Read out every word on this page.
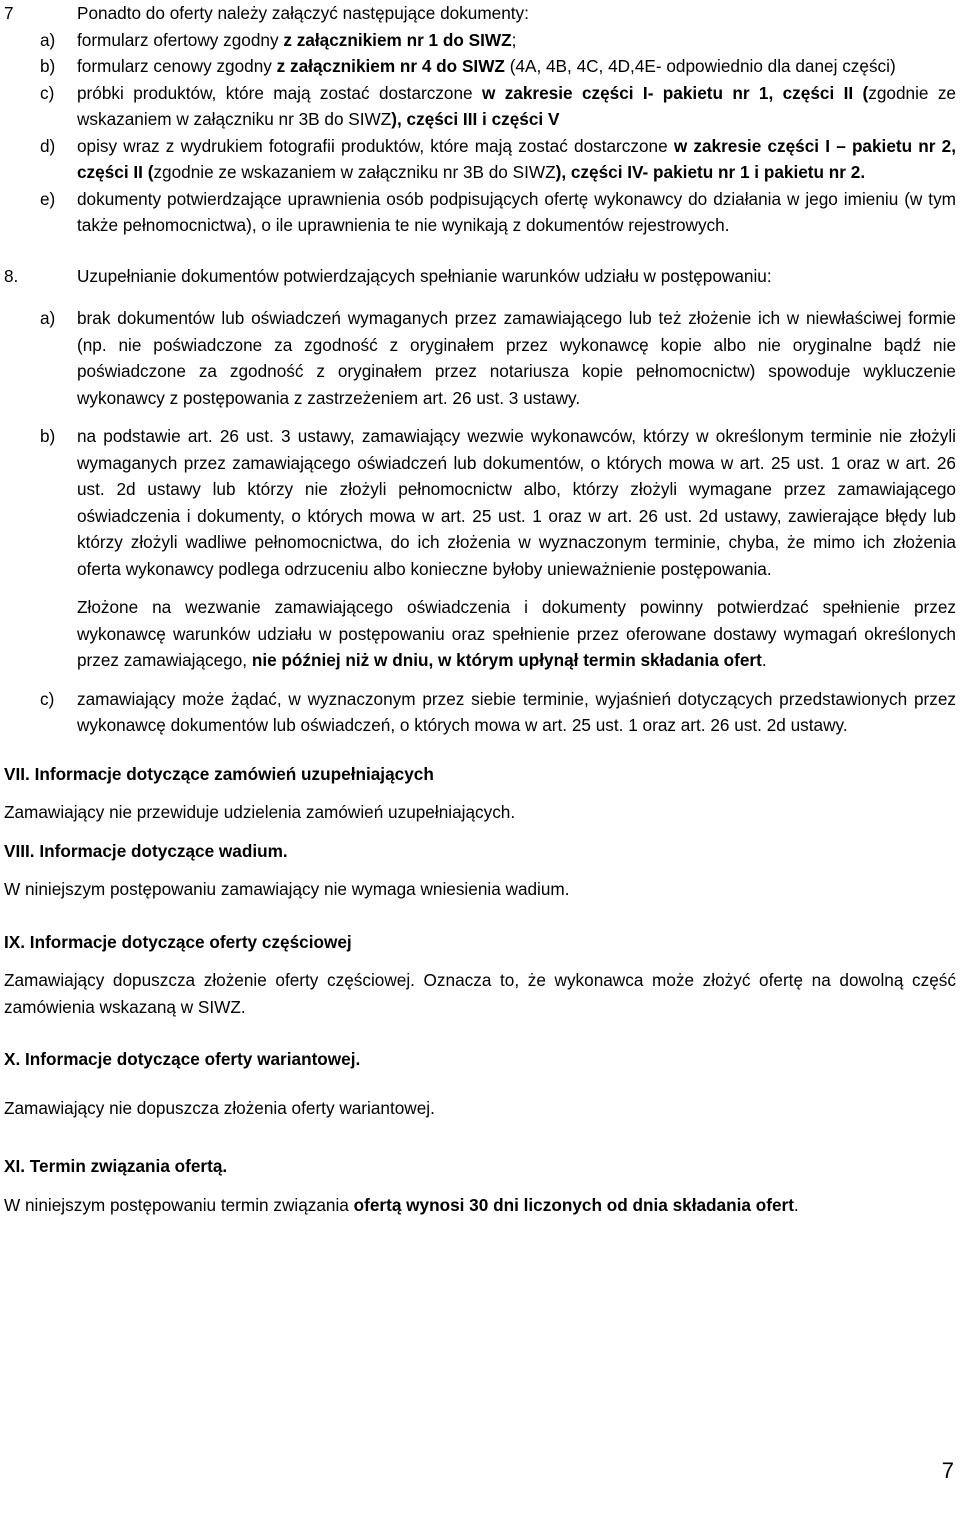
7	Ponadto do oferty należy załączyć następujące dokumenty:
a)	formularz ofertowy zgodny z załącznikiem nr 1 do SIWZ;
b)	formularz cenowy zgodny z załącznikiem nr 4 do SIWZ (4A, 4B, 4C, 4D,4E- odpowiednio dla danej części)
c)	próbki produktów, które mają zostać dostarczone w zakresie części I- pakietu nr 1, części II (zgodnie ze wskazaniem w załączniku nr 3B do SIWZ), części III i części V
d)	opisy wraz z wydrukiem fotografii produktów, które mają zostać dostarczone w zakresie części I – pakietu nr 2, części II (zgodnie ze wskazaniem w załączniku nr 3B do SIWZ), części IV- pakietu nr 1 i pakietu nr 2.
e)	dokumenty potwierdzające uprawnienia osób podpisujących ofertę wykonawcy do działania w jego imieniu (w tym także pełnomocnictwa), o ile uprawnienia te nie wynikają z dokumentów rejestrowych.
8.	Uzupełnianie dokumentów potwierdzających spełnianie warunków udziału w postępowaniu:
a)	brak dokumentów lub oświadczeń wymaganych przez zamawiającego lub też złożenie ich w niewłaściwej formie (np. nie poświadczone za zgodność z oryginałem przez wykonawcę kopie albo nie oryginalne bądź nie poświadczone za zgodność z oryginałem przez notariusza kopie pełnomocnictw) spowoduje wykluczenie wykonawcy z postępowania z zastrzeżeniem art. 26 ust. 3 ustawy.
b)	na podstawie art. 26 ust. 3 ustawy, zamawiający wezwie wykonawców, którzy w określonym terminie nie złożyli wymaganych przez zamawiającego oświadczeń lub dokumentów, o których mowa w art. 25 ust. 1 oraz w art. 26 ust. 2d ustawy lub którzy nie złożyli pełnomocnictw albo, którzy złożyli wymagane przez zamawiającego oświadczenia i dokumenty, o których mowa w art. 25 ust. 1 oraz w art. 26 ust. 2d ustawy, zawierające błędy lub którzy złożyli wadliwe pełnomocnictwa, do ich złożenia w wyznaczonym terminie, chyba, że mimo ich złożenia oferta wykonawcy podlega odrzuceniu albo konieczne byłoby unieważnienie postępowania.
Złożone na wezwanie zamawiającego oświadczenia i dokumenty powinny potwierdzać spełnienie przez wykonawcę warunków udziału w postępowaniu oraz spełnienie przez oferowane dostawy wymagań określonych przez zamawiającego, nie później niż w dniu, w którym upłynął termin składania ofert.
c)	zamawiający może żądać, w wyznaczonym przez siebie terminie, wyjaśnień dotyczących przedstawionych przez wykonawcę dokumentów lub oświadczeń, o których mowa w art. 25 ust. 1 oraz art. 26 ust. 2d ustawy.
VII. Informacje dotyczące zamówień uzupełniających
Zamawiający nie przewiduje udzielenia zamówień uzupełniających.
VIII. Informacje dotyczące wadium.
W niniejszym postępowaniu zamawiający nie wymaga wniesienia wadium.
IX. Informacje dotyczące oferty częściowej
Zamawiający dopuszcza złożenie oferty częściowej. Oznacza to, że wykonawca może złożyć ofertę na dowolną część zamówienia wskazaną w SIWZ.
X. Informacje dotyczące oferty wariantowej.
Zamawiający nie dopuszcza złożenia oferty wariantowej.
XI. Termin związania ofertą.
W niniejszym postępowaniu termin związania ofertą wynosi 30 dni liczonych od dnia składania ofert.
7
